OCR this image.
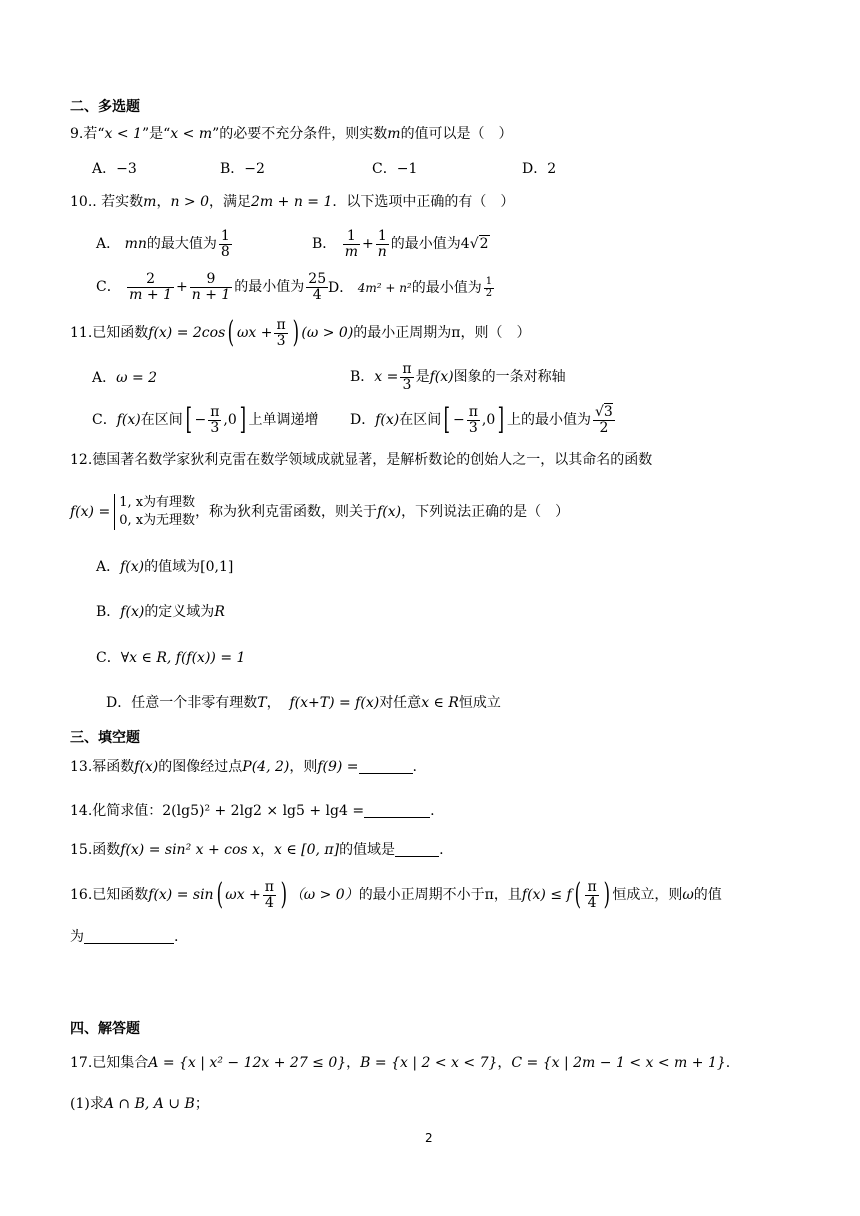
二、多选题
9.若“x < 1”是“x < m”的必要不充分条件，则实数m的值可以是（　）
A．−3	B．−2	C．−1	D．2
10.. 若实数m，n > 0，满足2m + n = 1．以下选项中正确的有（　）
A． mn的最大值为 $\frac{1}{8}$	B． $\frac{1}{m} + \frac{1}{n}$ 的最小值为4√2
C． $\frac{2}{m + 1} + \frac{9}{n + 1}$ 的最小值为 $\frac{25}{4}$ D． 4m² + n²的最小值为 $\frac{1}{2}$
11.已知函数f(x) = 2cos( $\omega x + \frac{\pi}{3}$ ) (ω > 0)的最小正周期为π，则（　）
A．ω = 2	B．$x = \frac{\pi}{3}$ 是f(x)图象的一条对称轴
C．f(x)在区间[ − $\frac{\pi}{3} ,0$] 上单调递增 D．f(x)在区间[ − $\frac{\pi}{3} ,0$] 上的最小值为 $\frac{√3}{2}$
12.德国著名数学家狄利克雷在数学领域成就显著，是解析数论的创始人之一，以其命名的函数
f(x) =
1, x为有理数
0, x为无理数
，称为狄利克雷函数，则关于f(x)，下列说法正确的是（　）
A．f(x)的值域为[0,1]
B．f(x)的定义域为R
C．∀x ∈ R, f(f(x)) = 1
D．任意一个非零有理数T， f(x+T) = f(x)对任意x ∈ R恒成立
三、填空题
13.幂函数f(x)的图像经过点P(4, 2)，则f(9) =	.
14.化简求值：2(lg5)² + 2lg2 × lg5 + lg4 =	.
15.函数f(x) = sin² x + cos x，x ∈ [0, π]的值域是	.
16.已知函数f(x) = sin( $\omega x + \frac{\pi}{4}$ ) （ω > 0）的最小正周期不小于π，且$f(x) \le f( \frac{\pi}{4}$ ) 恒成立，则ω的值
为	.
四、解答题
17.已知集合A = {x | x² − 12x + 27 ≤ 0}，B = {x | 2 < x < 7}，C = {x | 2m − 1 < x < m + 1}.
(1)求A ∩ B, A ∪ B；
2
